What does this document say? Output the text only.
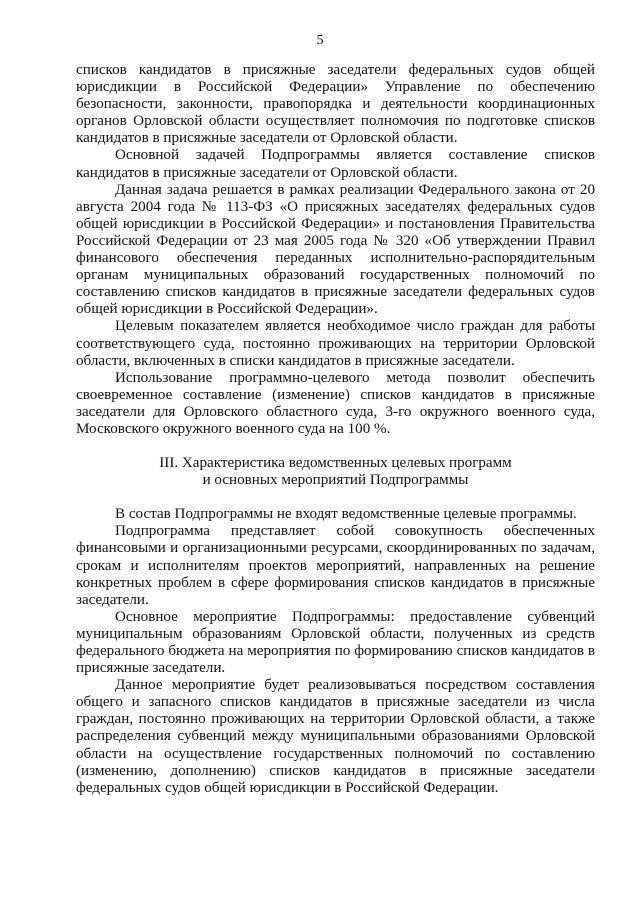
5

списков кандидатов в присяжные заседатели федеральных судов общей юрисдикции в Российской Федерации» Управление по обеспечению безопасности, законности, правопорядка и деятельности координационных органов Орловской области осуществляет полномочия по подготовке списков кандидатов в присяжные заседатели от Орловской области.

Основной задачей Подпрограммы является составление списков кандидатов в присяжные заседатели от Орловской области.

Данная задача решается в рамках реализации Федерального закона от 20 августа 2004 года № 113-ФЗ «О присяжных заседателях федеральных судов общей юрисдикции в Российской Федерации» и постановления Правительства Российской Федерации от 23 мая 2005 года № 320 «Об утверждении Правил финансового обеспечения переданных исполнительно-распорядительным органам муниципальных образований государственных полномочий по составлению списков кандидатов в присяжные заседатели федеральных судов общей юрисдикции в Российской Федерации».

Целевым показателем является необходимое число граждан для работы соответствующего суда, постоянно проживающих на территории Орловской области, включенных в списки кандидатов в присяжные заседатели.

Использование программно-целевого метода позволит обеспечить своевременное составление (изменение) списков кандидатов в присяжные заседатели для Орловского областного суда, 3-го окружного военного суда, Московского окружного военного суда на 100 %.

III. Характеристика ведомственных целевых программ
и основных мероприятий Подпрограммы

В состав Подпрограммы не входят ведомственные целевые программы.

Подпрограмма представляет собой совокупность обеспеченных финансовыми и организационными ресурсами, скоординированных по задачам, срокам и исполнителям проектов мероприятий, направленных на решение конкретных проблем в сфере формирования списков кандидатов в присяжные заседатели.

Основное мероприятие Подпрограммы: предоставление субвенций муниципальным образованиям Орловской области, полученных из средств федерального бюджета на мероприятия по формированию списков кандидатов в присяжные заседатели.

Данное мероприятие будет реализовываться посредством составления общего и запасного списков кандидатов в присяжные заседатели из числа граждан, постоянно проживающих на территории Орловской области, а также распределения субвенций между муниципальными образованиями Орловской области на осуществление государственных полномочий по составлению (изменению, дополнению) списков кандидатов в присяжные заседатели федеральных судов общей юрисдикции в Российской Федерации.
